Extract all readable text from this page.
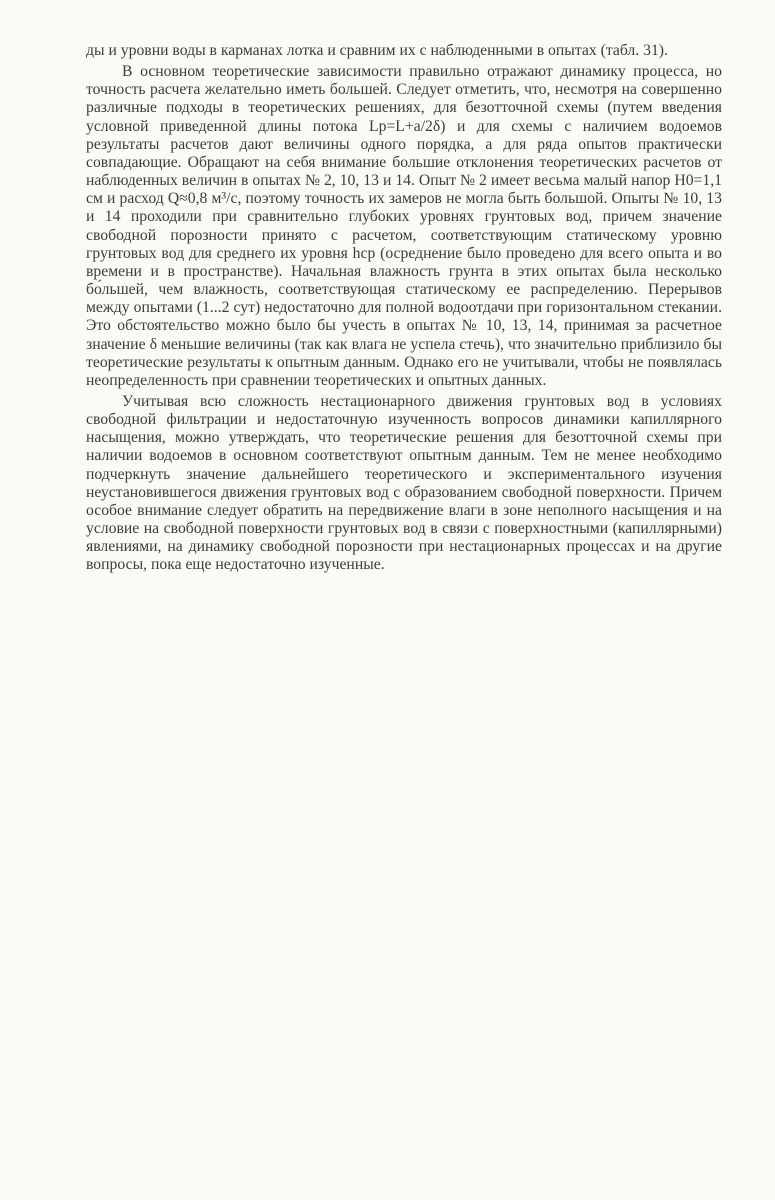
ды и уровни воды в карманах лотка и сравним их с наблюденными в опытах (табл. 31).

В основном теоретические зависимости правильно отражают динамику процесса, но точность расчета желательно иметь большей. Следует отметить, что, несмотря на совершенно различные подходы в теоретических решениях, для безотточной схемы (путем введения условной приведенной длины потока Lр=L+a/2δ) и для схемы с наличием водоемов результаты расчетов дают величины одного порядка, а для ряда опытов практически совпадающие. Обращают на себя внимание большие отклонения теоретических расчетов от наблюденных величин в опытах № 2, 10, 13 и 14. Опыт № 2 имеет весьма малый напор H0=1,1 см и расход Q≈0,8 м³/с, поэтому точность их замеров не могла быть большой. Опыты № 10, 13 и 14 проходили при сравнительно глубоких уровнях грунтовых вод, причем значение свободной порозности принято с расчетом, соответствующим статическому уровню грунтовых вод для среднего их уровня hср (осреднение было проведено для всего опыта и во времени и в пространстве). Начальная влажность грунта в этих опытах была несколько бо́льшей, чем влажность, соответствующая статическому ее распределению. Перерывов между опытами (1...2 сут) недостаточно для полной водоотдачи при горизонтальном стекании. Это обстоятельство можно было бы учесть в опытах № 10, 13, 14, принимая за расчетное значение δ меньшие величины (так как влага не успела стечь), что значительно приблизило бы теоретические результаты к опытным данным. Однако его не учитывали, чтобы не появлялась неопределенность при сравнении теоретических и опытных данных.

Учитывая всю сложность нестационарного движения грунтовых вод в условиях свободной фильтрации и недостаточную изученность вопросов динамики капиллярного насыщения, можно утверждать, что теоретические решения для безотточной схемы при наличии водоемов в основном соответствуют опытным данным. Тем не менее необходимо подчеркнуть значение дальнейшего теоретического и экспериментального изучения неустановившегося движения грунтовых вод с образованием свободной поверхности. Причем особое внимание следует обратить на передвижение влаги в зоне неполного насыщения и на условие на свободной поверхности грунтовых вод в связи с поверхностными (капиллярными) явлениями, на динамику свободной порозности при нестационарных процессах и на другие вопросы, пока еще недостаточно изученные.
